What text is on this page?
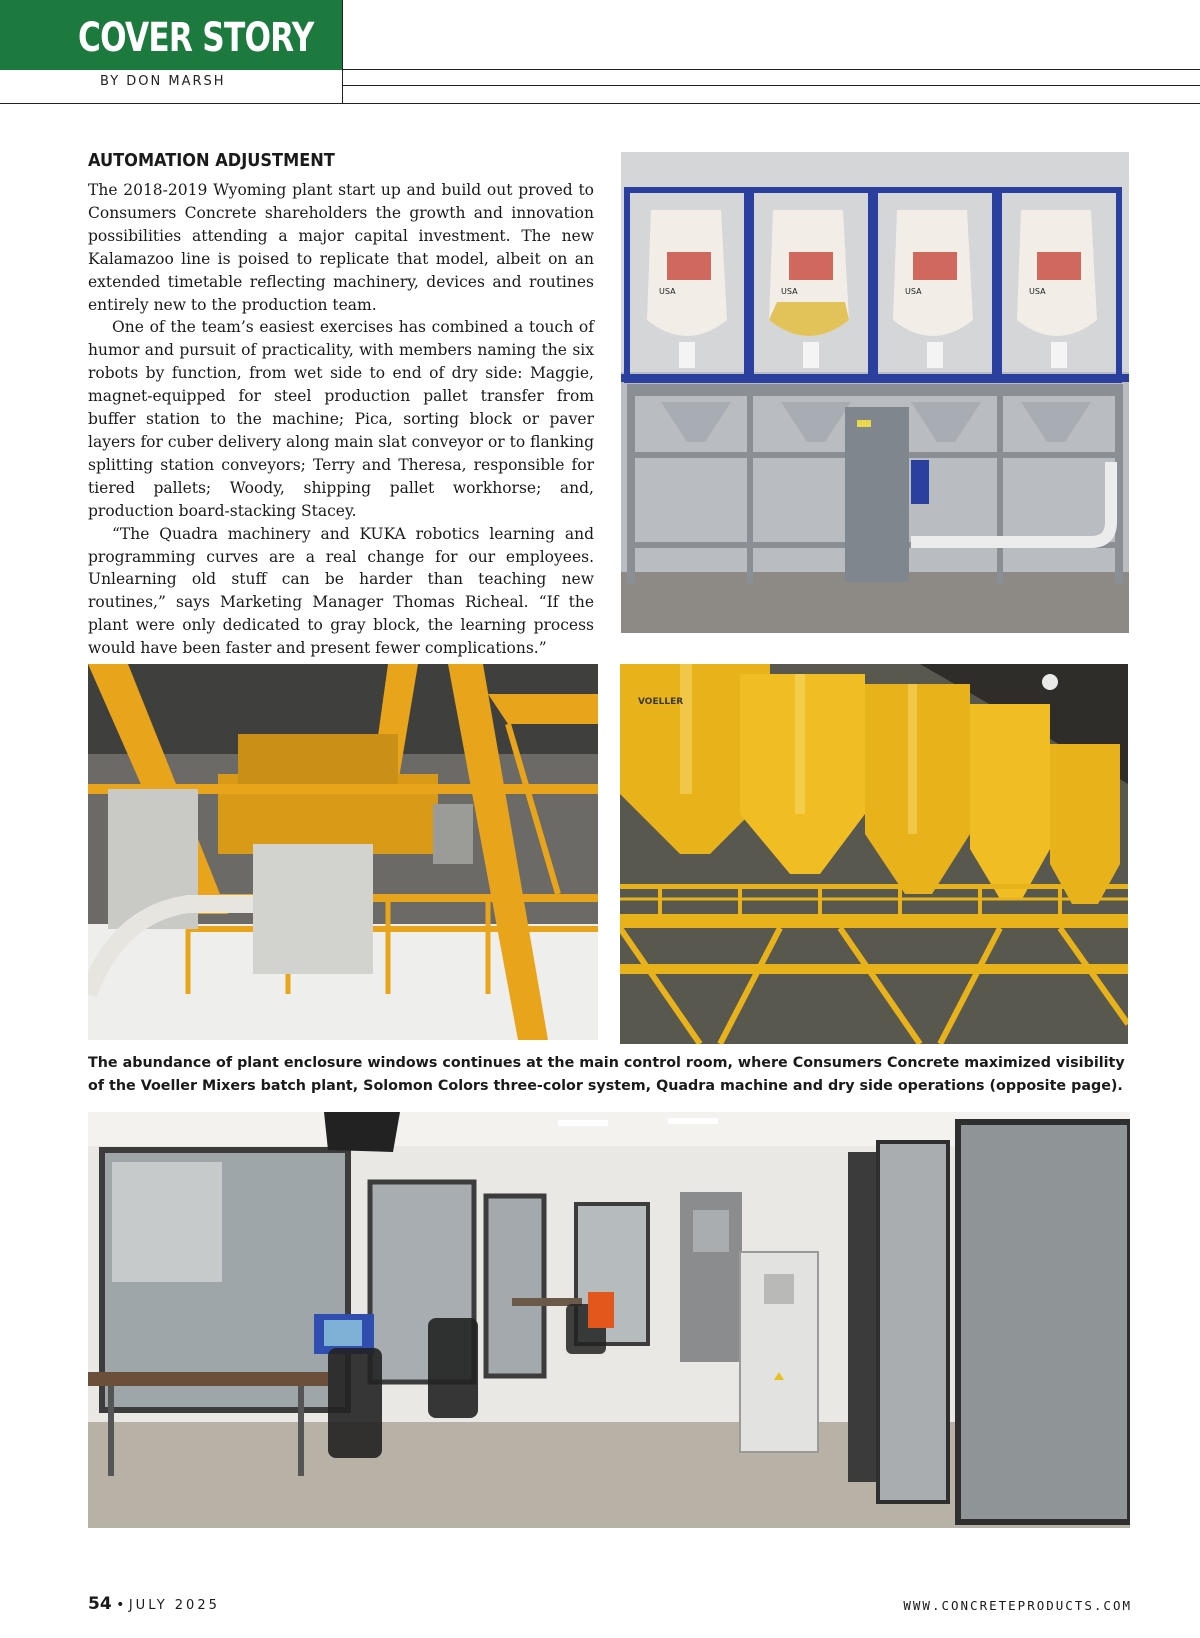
COVER STORY
BY DON MARSH
AUTOMATION ADJUSTMENT

The 2018-2019 Wyoming plant start up and build out proved to Consumers Concrete shareholders the growth and innovation possibilities attending a major capital investment. The new Kalamazoo line is poised to replicate that model, albeit on an extended timetable reflecting machinery, devices and routines entirely new to the production team.

One of the team’s easiest exercises has combined a touch of humor and pursuit of practicality, with members naming the six robots by function, from wet side to end of dry side: Maggie, magnet-equipped for steel production pallet transfer from buffer station to the machine; Pica, sorting block or paver layers for cuber delivery along main slat conveyor or to flanking splitting station conveyors; Terry and Theresa, responsible for tiered pallets; Woody, shipping pallet workhorse; and, production board-stacking Stacey.

“The Quadra machinery and KUKA robotics learning and programming curves are a real change for our employees. Unlearning old stuff can be harder than teaching new routines,” says Marketing Manager Thomas Richeal. “If the plant were only dedicated to gray block, the learning process would have been faster and present fewer complications.”

USA	USA	USA	USA
VOELLER

The abundance of plant enclosure windows continues at the main control room, where Consumers Concrete maximized visibility of the Voeller Mixers batch plant, Solomon Colors three-color system, Quadra machine and dry side operations (opposite page).

54 • JULY 2025	WWW.CONCRETEPRODUCTS.COM
